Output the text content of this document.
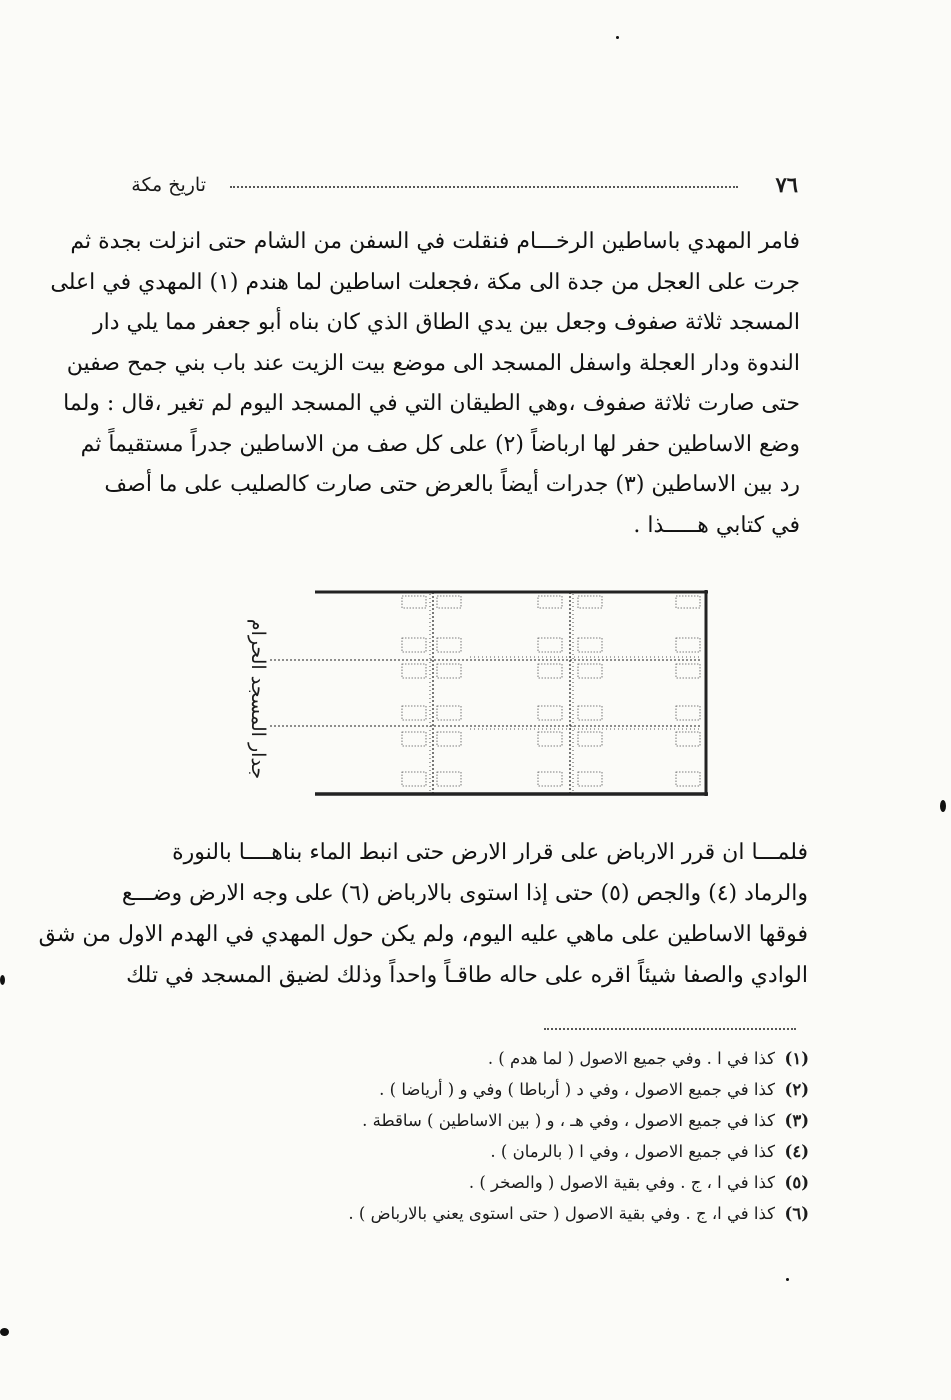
٧٦
تاريخ مكة
فامر المهدي باساطين الرخـــام فنقلت في السفن من الشام حتى انزلت بجدة ثم
جرت على العجل من جدة الى مكة ،فجعلت اساطين لما هندم (١) المهدي في اعلى
المسجد ثلاثة صفوف وجعل بين يدي الطاق الذي كان بناه أبو جعفر مما يلي دار
الندوة ودار العجلة واسفل المسجد الى موضع بيت الزيت عند باب بني جمح صفين
حتى صارت ثلاثة صفوف ،وهي الطيقان التي في المسجد اليوم لم تغير ،قال : ولما
وضع الاساطين حفر لها ارباضاً (٢) على كل صف من الاساطين جدراً مستقيماً ثم
رد بين الاساطين (٣) جدرات أيضاً بالعرض حتى صارت كالصليب على ما أصف
في كتابي هـــــذا .
جدار المسجد الحرام
فلمـــا ان قرر الارباض على قرار الارض حتى انبط الماء بناهــــا بالنورة
والرماد (٤) والجص (٥) حتى إذا استوى بالارباض (٦) على وجه الارض وضـــع
فوقها الاساطين على ماهي عليه اليوم، ولم يكن حول المهدي في الهدم الاول من شق
الوادي والصفا شيئاً اقره على حاله طاقـاً واحداً وذلك لضيق المسجد في تلك
(١)كذا في ا . وفي جميع الاصول ( لما هدم ) .
(٢)كذا في جميع الاصول ، وفي د ( أرباطا ) وفي و ( أرياضا ) .
(٣)كذا في جميع الاصول ، وفي هـ ، و ( بين الاساطين ) ساقطة .
(٤)كذا في جميع الاصول ، وفي ا ( بالرمان ) .
(٥)كذا في ا ، ج . وفي بقية الاصول ( والصخر ) .
(٦)كذا في ا، ج . وفي بقية الاصول ( حتى استوى يعني بالارباض ) .
